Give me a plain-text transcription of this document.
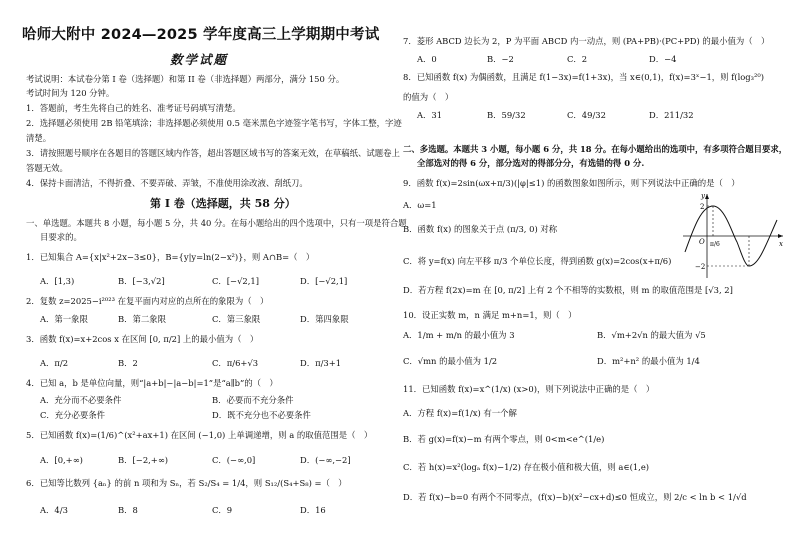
哈师大附中 2024—2025 学年度高三上学期期中考试
数学试题
考试说明：本试卷分第 I 卷（选择题）和第 II 卷（非选择题）两部分，满分 150 分。
考试时间为 120 分钟。
1．答题前，考生先将自己的姓名、准考证号码填写清楚。
2．选择题必须使用 2B 铅笔填涂；非选择题必须使用 0.5 毫米黑色字迹签字笔书写，字体工整，字迹
清楚。
3．请按照题号顺序在各题目的答题区域内作答，超出答题区域书写的答案无效，在草稿纸、试题卷上
答题无效。
4．保持卡面清洁，不得折叠、不要弄破、弄皱，不准使用涂改液、刮纸刀。
第 I 卷（选择题，共 58 分）
一、单选题。本题共 8 小题，每小题 5 分，共 40 分。在每小题给出的四个选项中，只有一项是符合题
目要求的。
1．已知集合 A={x|x²+2x−3≤0}，B={y|y=ln(2−x²)}，则 A∩B=（　）
A．[1,3)	B．[−3,√2]	C．[−√2,1]	D．[−√2,1]
2．复数 z=2025−i²⁰²³ 在复平面内对应的点所在的象限为（　）
A．第一象限	B．第二象限	C．第三象限	D．第四象限
3．函数 f(x)=x+2cos x 在区间 [0, π/2] 上的最小值为（　）
A．π/2	B．2	C．π/6+√3	D．π/3+1
4．已知 a，b 是单位向量，则“|a+b|−|a−b|=1”是“a∥b”的（　）
A．充分而不必要条件	B．必要而不充分条件
C．充分必要条件	D．既不充分也不必要条件
5．已知函数 f(x)=(1/6)^(x²+ax+1) 在区间 (−1,0) 上单调递增，则 a 的取值范围是（　）
A．[0,+∞)	B．[−2,+∞)	C．(−∞,0]	D．(−∞,−2]
6．已知等比数列 {aₙ} 的前 n 项和为 Sₙ，若 S₂/S₄ = 1/4，则 S₁₂/(S₄+S₈) =（　）
A．4/3	B．8	C．9	D．16
7．菱形 ABCD 边长为 2，P 为平面 ABCD 内一动点，则 (PA+PB)·(PC+PD) 的最小值为（　）
A．0	B．−2	C．2	D．−4
8．已知函数 f(x) 为偶函数，且满足 f(1−3x)=f(1+3x)，当 x∈(0,1)，f(x)=3ˣ−1，则 f(log₃²⁰)
的值为（　）
A．31	B．59/32	C．49/32	D．211/32
二、多选题。本题共 3 小题，每小题 6 分，共 18 分。在每小题给出的选项中，有多项符合题目要求，
全部选对的得 6 分，部分选对的得部分分，有选错的得 0 分.
9．函数 f(x)=2sin(ωx+π/3)(|φ|≤1) 的函数图象如图所示，则下列说法中正确的是（　）
A．ω=1
B．函数 f(x) 的图象关于点 (π/3, 0) 对称
C．将 y=f(x) 向左平移 π/3 个单位长度，得到函数 g(x)=2cos(x+π/6)
D．若方程 f(2x)=m 在 [0, π/2] 上有 2 个不相等的实数根，则 m 的取值范围是 [√3, 2]
y
x
2
−2
O π/6
10．设正实数 m，n 满足 m+n=1，则（　）
A．1/m + m/n 的最小值为 3	B．√m+2√n 的最大值为 √5
C．√mn 的最小值为 1/2	D．m²+n² 的最小值为 1/4
11．已知函数 f(x)=x^(1/x) (x>0)，则下列说法中正确的是（　）
A．方程 f(x)=f(1/x) 有一个解
B．若 g(x)=f(x)−m 有两个零点，则 0<m<e^(1/e)
C．若 h(x)=x²(logₐ f(x)−1/2) 存在极小值和极大值，则 a∈(1,e)
D．若 f(x)−b=0 有两个不同零点，(f(x)−b)(x²−cx+d)≤0 恒成立，则 2/c < ln b < 1/√d
